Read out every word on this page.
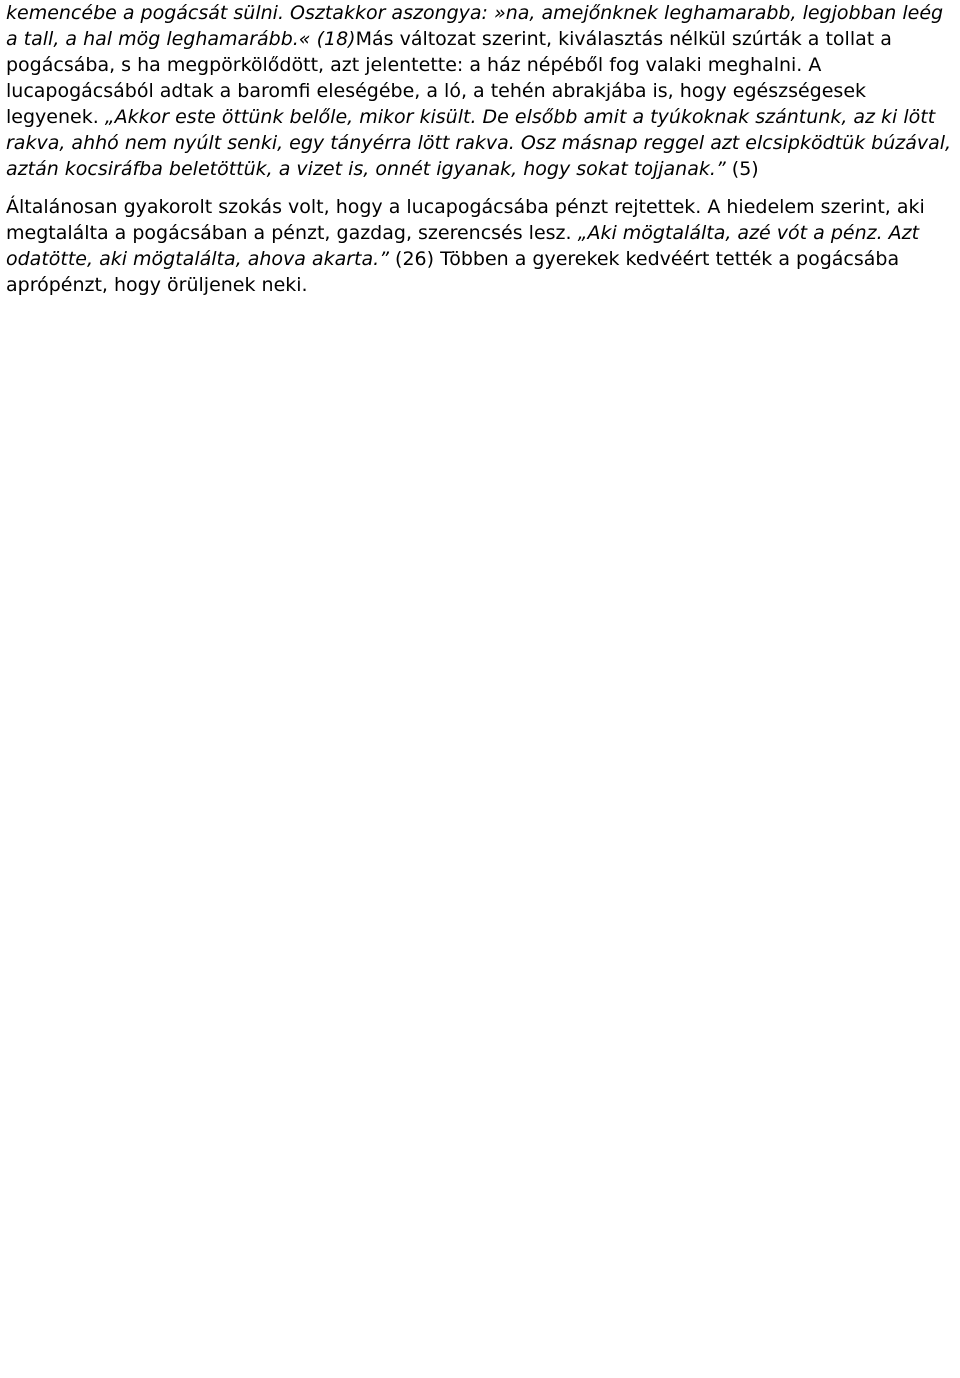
kemencébe a pogácsát sülni. Osztakkor aszongya: »na, amejőnknek leghamarabb, legjobban leég a tall, a hal mög leghamarább.« (18)Más változat szerint, kiválasztás nélkül szúrták a tollat a pogácsába, s ha megpörkölődött, azt jelentette: a ház népéből fog valaki meghalni. A lucapogácsából adtak a baromfi eleségébe, a ló, a tehén abrakjába is, hogy egészségesek legyenek. „Akkor este öttünk belőle, mikor kisült. De elsőbb amit a tyúkoknak szántunk, az ki lött rakva, ahhó nem nyúlt senki, egy tányérra lött rakva. Osz másnap reggel azt elcsipködtük búzával, aztán kocsiráfba beletöttük, a vizet is, onnét igyanak, hogy sokat tojjanak.” (5)

Általánosan gyakorolt szokás volt, hogy a lucapogácsába pénzt rejtettek. A hiedelem szerint, aki megtalálta a pogácsában a pénzt, gazdag, szerencsés lesz. „Aki mögtalálta, azé vót a pénz. Azt odatötte, aki mögtalálta, ahova akarta.” (26) Többen a gyerekek kedvéért tették a pogácsába aprópénzt, hogy örüljenek neki.
